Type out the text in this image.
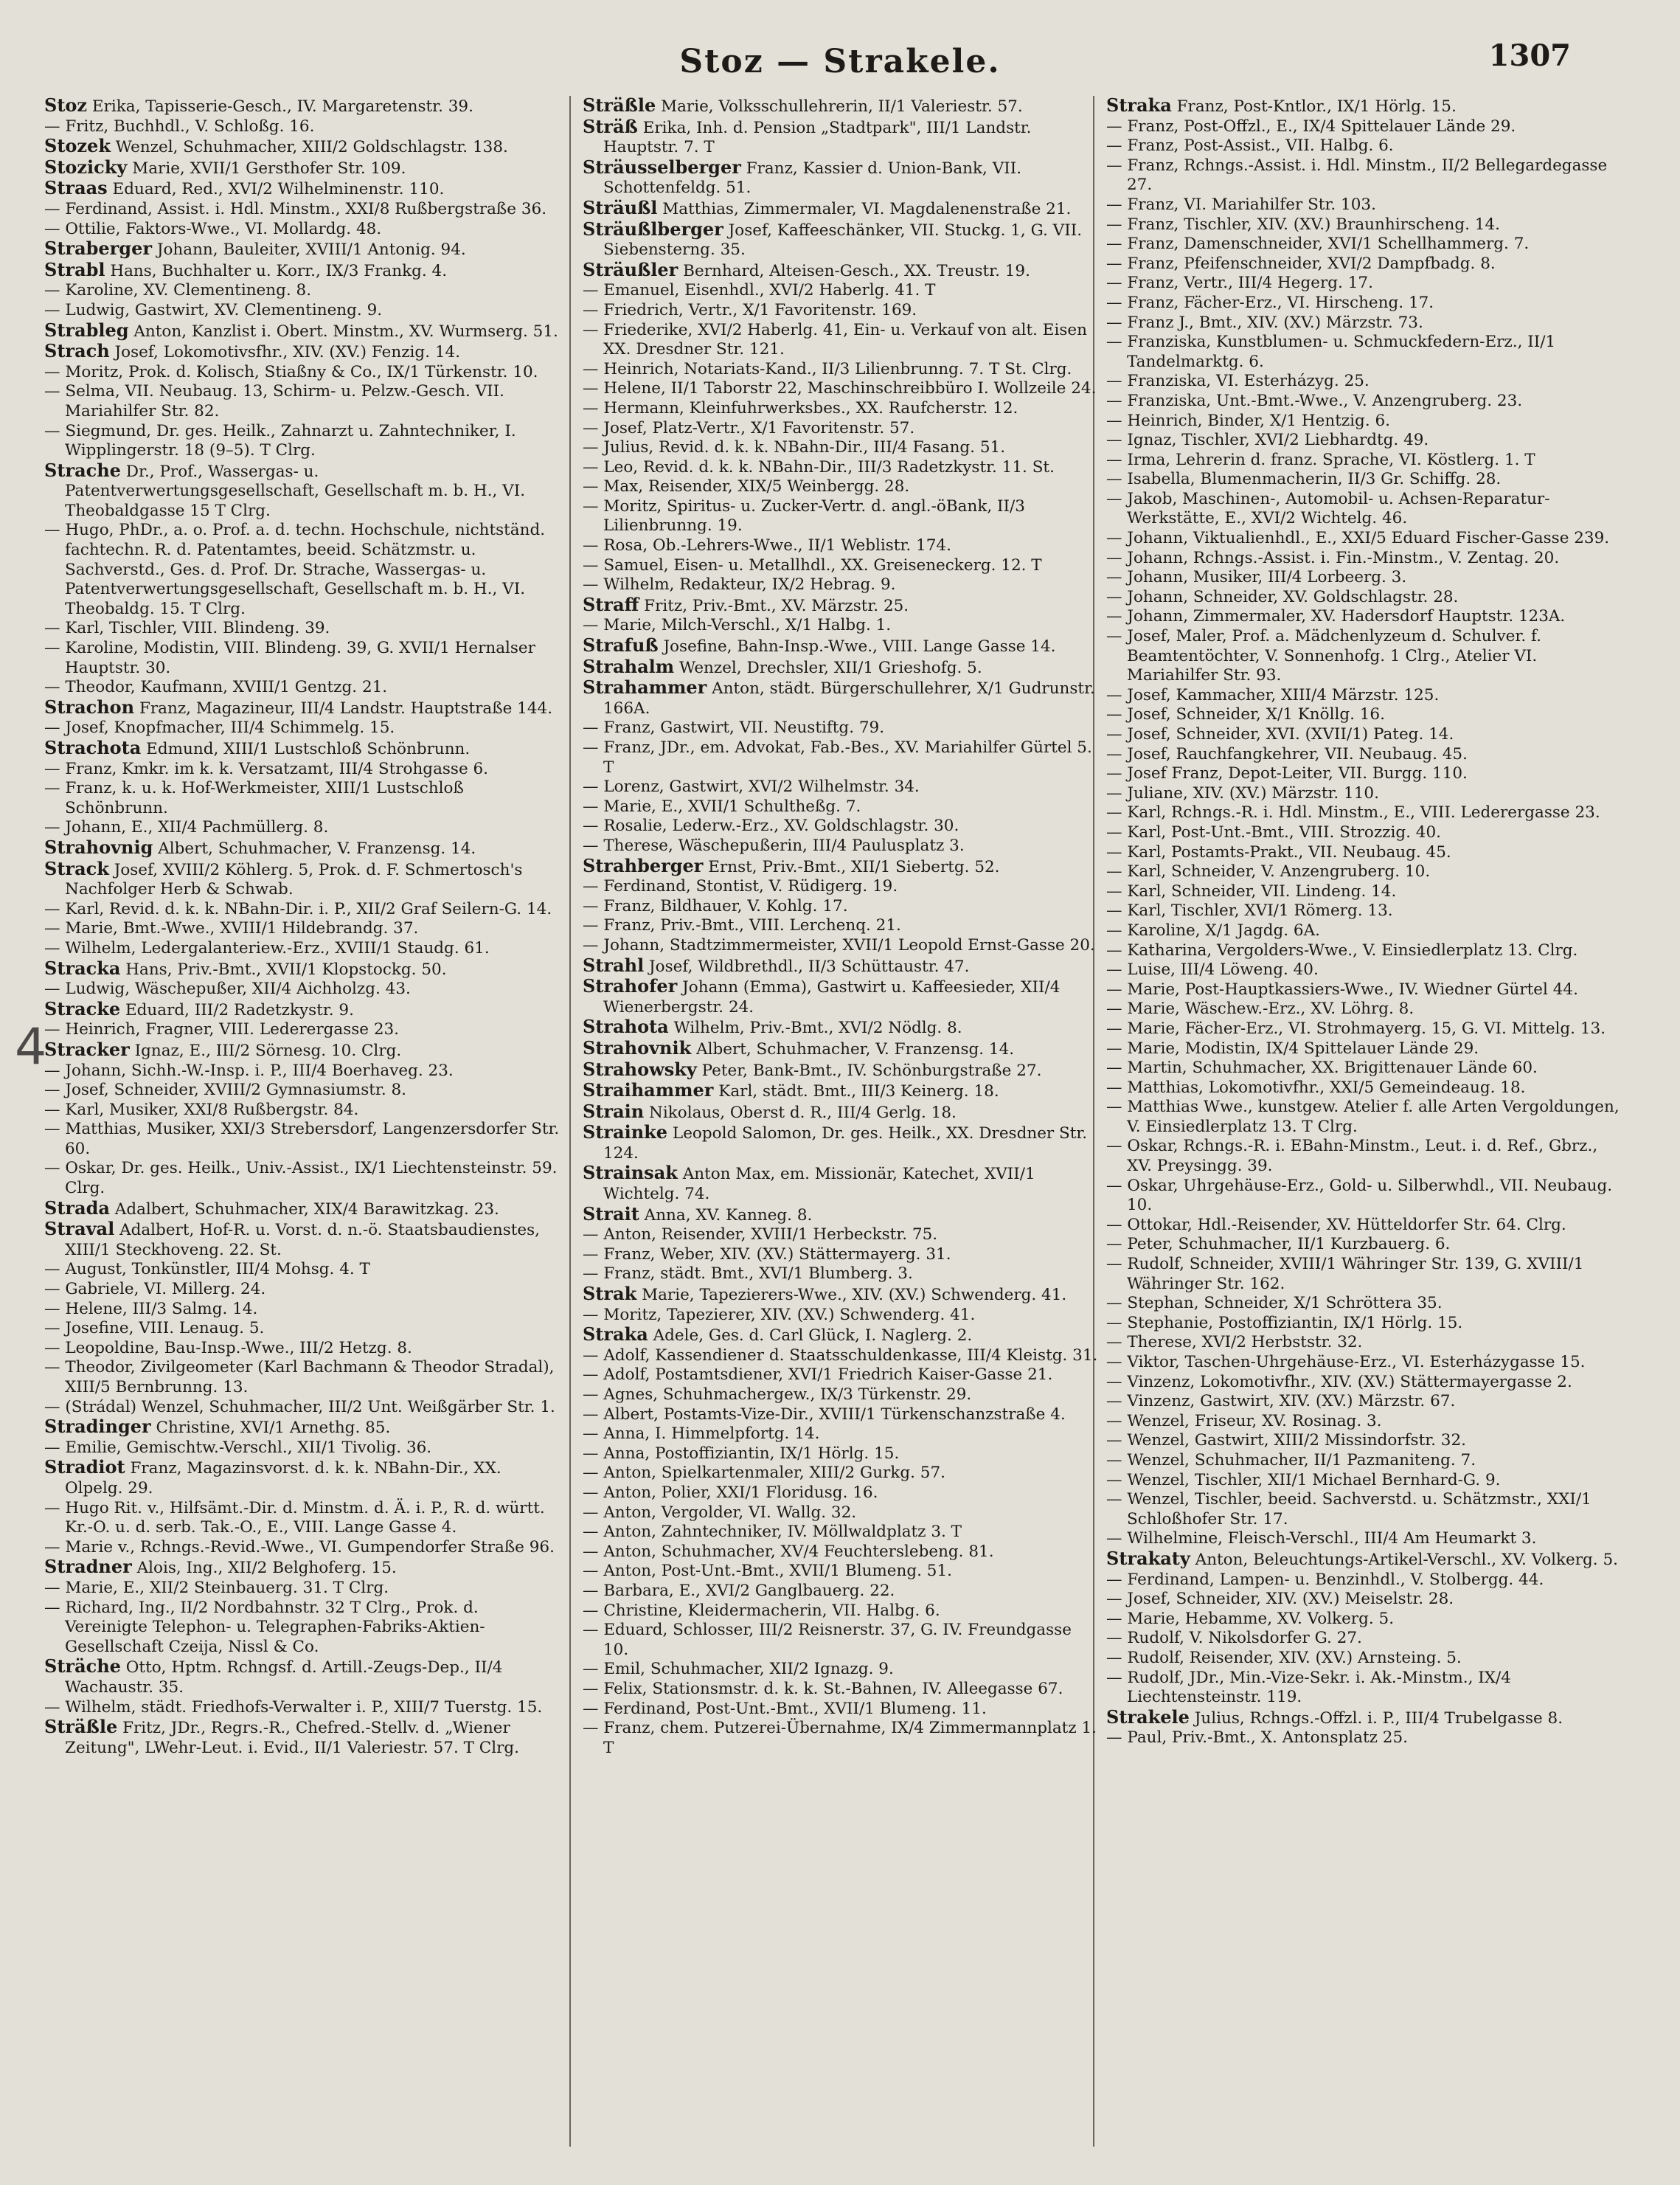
Stoz — Strakele.	1307
4

Stoz Erika, Tapisserie-Gesch., IV. Margaretenstr. 39.

— Fritz, Buchhdl., V. Schloßg. 16.

Stozek Wenzel, Schuhmacher, XIII/2 Goldschlagstr. 138.

Stozicky Marie, XVII/1 Gersthofer Str. 109.

Straas Eduard, Red., XVI/2 Wilhelminenstr. 110.

— Ferdinand, Assist. i. Hdl. Minstm., XXI/8 Rußbergstraße 36.

— Ottilie, Faktors-Wwe., VI. Mollardg. 48.

Straberger Johann, Bauleiter, XVIII/1 Antonig. 94.

Strabl Hans, Buchhalter u. Korr., IX/3 Frankg. 4.

— Karoline, XV. Clementineng. 8.

— Ludwig, Gastwirt, XV. Clementineng. 9.

Strableg Anton, Kanzlist i. Obert. Minstm., XV. Wurmserg. 51.

Strach Josef, Lokomotivsfhr., XIV. (XV.) Fenzig. 14.

— Moritz, Prok. d. Kolisch, Stiaßny & Co., IX/1 Türkenstr. 10.

— Selma, VII. Neubaug. 13, Schirm- u. Pelzw.-Gesch. VII. Mariahilfer Str. 82.

— Siegmund, Dr. ges. Heilk., Zahnarzt u. Zahntechniker, I. Wipplingerstr. 18 (9–5). T Clrg.

Strache Dr., Prof., Wassergas- u. Patentverwertungsgesellschaft, Gesellschaft m. b. H., VI. Theobaldgasse 15 T Clrg.

— Hugo, PhDr., a. o. Prof. a. d. techn. Hochschule, nichtständ. fachtechn. R. d. Patentamtes, beeid. Schätzmstr. u. Sachverstd., Ges. d. Prof. Dr. Strache, Wassergas- u. Patentverwertungsgesellschaft, Gesellschaft m. b. H., VI. Theobaldg. 15. T Clrg.

— Karl, Tischler, VIII. Blindeng. 39.

— Karoline, Modistin, VIII. Blindeng. 39, G. XVII/1 Hernalser Hauptstr. 30.

— Theodor, Kaufmann, XVIII/1 Gentzg. 21.

Strachon Franz, Magazineur, III/4 Landstr. Hauptstraße 144.

— Josef, Knopfmacher, III/4 Schimmelg. 15.

Strachota Edmund, XIII/1 Lustschloß Schönbrunn.

— Franz, Kmkr. im k. k. Versatzamt, III/4 Strohgasse 6.

— Franz, k. u. k. Hof-Werkmeister, XIII/1 Lustschloß Schönbrunn.

— Johann, E., XII/4 Pachmüllerg. 8.

Strahovnig Albert, Schuhmacher, V. Franzensg. 14.

Strack Josef, XVIII/2 Köhlerg. 5, Prok. d. F. Schmertosch's Nachfolger Herb & Schwab.

— Karl, Revid. d. k. k. NBahn-Dir. i. P., XII/2 Graf Seilern-G. 14.

— Marie, Bmt.-Wwe., XVIII/1 Hildebrandg. 37.

— Wilhelm, Ledergalanteriew.-Erz., XVIII/1 Staudg. 61.

Stracka Hans, Priv.-Bmt., XVII/1 Klopstockg. 50.

— Ludwig, Wäschepußer, XII/4 Aichholzg. 43.

Stracke Eduard, III/2 Radetzkystr. 9.

— Heinrich, Fragner, VIII. Lederergasse 23.

Stracker Ignaz, E., III/2 Sörnesg. 10. Clrg.

— Johann, Sichh.-W.-Insp. i. P., III/4 Boerhaveg. 23.

— Josef, Schneider, XVIII/2 Gymnasiumstr. 8.

— Karl, Musiker, XXI/8 Rußbergstr. 84.

— Matthias, Musiker, XXI/3 Strebersdorf, Langenzersdorfer Str. 60.

— Oskar, Dr. ges. Heilk., Univ.-Assist., IX/1 Liechtensteinstr. 59. Clrg.

Strada Adalbert, Schuhmacher, XIX/4 Barawitzkag. 23.

Straval Adalbert, Hof-R. u. Vorst. d. n.-ö. Staatsbaudienstes, XIII/1 Steckhoveng. 22. St.

— August, Tonkünstler, III/4 Mohsg. 4. T

— Gabriele, VI. Millerg. 24.

— Helene, III/3 Salmg. 14.

— Josefine, VIII. Lenaug. 5.

— Leopoldine, Bau-Insp.-Wwe., III/2 Hetzg. 8.

— Theodor, Zivilgeometer (Karl Bachmann & Theodor Stradal), XIII/5 Bernbrunng. 13.

— (Strádal) Wenzel, Schuhmacher, III/2 Unt. Weißgärber Str. 1.

Stradinger Christine, XVI/1 Arnethg. 85.

— Emilie, Gemischtw.-Verschl., XII/1 Tivolig. 36.

Stradiot Franz, Magazinsvorst. d. k. k. NBahn-Dir., XX. Olpelg. 29.

— Hugo Rit. v., Hilfsämt.-Dir. d. Minstm. d. Ä. i. P., R. d. württ. Kr.-O. u. d. serb. Tak.-O., E., VIII. Lange Gasse 4.

— Marie v., Rchngs.-Revid.-Wwe., VI. Gumpendorfer Straße 96.

Stradner Alois, Ing., XII/2 Belghoferg. 15.

— Marie, E., XII/2 Steinbauerg. 31. T Clrg.

— Richard, Ing., II/2 Nordbahnstr. 32 T Clrg., Prok. d. Vereinigte Telephon- u. Telegraphen-Fabriks-Aktien-Gesellschaft Czeija, Nissl & Co.

Sträche Otto, Hptm. Rchngsf. d. Artill.-Zeugs-Dep., II/4 Wachaustr. 35.

— Wilhelm, städt. Friedhofs-Verwalter i. P., XIII/7 Tuerstg. 15.

Sträßle Fritz, JDr., Regrs.-R., Chefred.-Stellv. d. „Wiener Zeitung", LWehr-Leut. i. Evid., II/1 Valeriestr. 57. T Clrg.

Sträßle Marie, Volksschullehrerin, II/1 Valeriestr. 57.

Sträß Erika, Inh. d. Pension „Stadtpark", III/1 Landstr. Hauptstr. 7. T

Sträusselberger Franz, Kassier d. Union-Bank, VII. Schottenfeldg. 51.

Sträußl Matthias, Zimmermaler, VI. Magdalenenstraße 21.

Sträußlberger Josef, Kaffeeschänker, VII. Stuckg. 1, G. VII. Siebensterng. 35.

Sträußler Bernhard, Alteisen-Gesch., XX. Treustr. 19.

— Emanuel, Eisenhdl., XVI/2 Haberlg. 41. T

— Friedrich, Vertr., X/1 Favoritenstr. 169.

— Friederike, XVI/2 Haberlg. 41, Ein- u. Verkauf von alt. Eisen XX. Dresdner Str. 121.

— Heinrich, Notariats-Kand., II/3 Lilienbrunng. 7. T St. Clrg.

— Helene, II/1 Taborstr 22, Maschinschreibbüro I. Wollzeile 24.

— Hermann, Kleinfuhrwerksbes., XX. Raufcherstr. 12.

— Josef, Platz-Vertr., X/1 Favoritenstr. 57.

— Julius, Revid. d. k. k. NBahn-Dir., III/4 Fasang. 51.

— Leo, Revid. d. k. k. NBahn-Dir., III/3 Radetzkystr. 11. St.

— Max, Reisender, XIX/5 Weinbergg. 28.

— Moritz, Spiritus- u. Zucker-Vertr. d. angl.-öBank, II/3 Lilienbrunng. 19.

— Rosa, Ob.-Lehrers-Wwe., II/1 Weblistr. 174.

— Samuel, Eisen- u. Metallhdl., XX. Greiseneckerg. 12. T

— Wilhelm, Redakteur, IX/2 Hebrag. 9.

Straff Fritz, Priv.-Bmt., XV. Märzstr. 25.

— Marie, Milch-Verschl., X/1 Halbg. 1.

Strafuß Josefine, Bahn-Insp.-Wwe., VIII. Lange Gasse 14.

Strahalm Wenzel, Drechsler, XII/1 Grieshofg. 5.

Strahammer Anton, städt. Bürgerschullehrer, X/1 Gudrunstr. 166A.

— Franz, Gastwirt, VII. Neustiftg. 79.

— Franz, JDr., em. Advokat, Fab.-Bes., XV. Mariahilfer Gürtel 5. T

— Lorenz, Gastwirt, XVI/2 Wilhelmstr. 34.

— Marie, E., XVII/1 Schultheßg. 7.

— Rosalie, Lederw.-Erz., XV. Goldschlagstr. 30.

— Therese, Wäschepußerin, III/4 Paulusplatz 3.

Strahberger Ernst, Priv.-Bmt., XII/1 Siebertg. 52.

— Ferdinand, Stontist, V. Rüdigerg. 19.

— Franz, Bildhauer, V. Kohlg. 17.

— Franz, Priv.-Bmt., VIII. Lerchenq. 21.

— Johann, Stadtzimmermeister, XVII/1 Leopold Ernst-Gasse 20.

Strahl Josef, Wildbrethdl., II/3 Schüttaustr. 47.

Strahofer Johann (Emma), Gastwirt u. Kaffeesieder, XII/4 Wienerbergstr. 24.

Strahota Wilhelm, Priv.-Bmt., XVI/2 Nödlg. 8.

Strahovnik Albert, Schuhmacher, V. Franzensg. 14.

Strahowsky Peter, Bank-Bmt., IV. Schönburgstraße 27.

Straihammer Karl, städt. Bmt., III/3 Keinerg. 18.

Strain Nikolaus, Oberst d. R., III/4 Gerlg. 18.

Strainke Leopold Salomon, Dr. ges. Heilk., XX. Dresdner Str. 124.

Strainsak Anton Max, em. Missionär, Katechet, XVII/1 Wichtelg. 74.

Strait Anna, XV. Kanneg. 8.

— Anton, Reisender, XVIII/1 Herbeckstr. 75.

— Franz, Weber, XIV. (XV.) Stättermayerg. 31.

— Franz, städt. Bmt., XVI/1 Blumberg. 3.

Strak Marie, Tapezierers-Wwe., XIV. (XV.) Schwenderg. 41.

— Moritz, Tapezierer, XIV. (XV.) Schwenderg. 41.

Straka Adele, Ges. d. Carl Glück, I. Naglerg. 2.

— Adolf, Kassendiener d. Staatsschuldenkasse, III/4 Kleistg. 31.

— Adolf, Postamtsdiener, XVI/1 Friedrich Kaiser-Gasse 21.

— Agnes, Schuhmachergew., IX/3 Türkenstr. 29.

— Albert, Postamts-Vize-Dir., XVIII/1 Türkenschanzstraße 4.

— Anna, I. Himmelpfortg. 14.

— Anna, Postoffiziantin, IX/1 Hörlg. 15.

— Anton, Spielkartenmaler, XIII/2 Gurkg. 57.

— Anton, Polier, XXI/1 Floridusg. 16.

— Anton, Vergolder, VI. Wallg. 32.

— Anton, Zahntechniker, IV. Möllwaldplatz 3. T

— Anton, Schuhmacher, XV/4 Feuchterslebeng. 81.

— Anton, Post-Unt.-Bmt., XVII/1 Blumeng. 51.

— Barbara, E., XVI/2 Ganglbauerg. 22.

— Christine, Kleidermacherin, VII. Halbg. 6.

— Eduard, Schlosser, III/2 Reisnerstr. 37, G. IV. Freundgasse 10.

— Emil, Schuhmacher, XII/2 Ignazg. 9.

— Felix, Stationsmstr. d. k. k. St.-Bahnen, IV. Alleegasse 67.

— Ferdinand, Post-Unt.-Bmt., XVII/1 Blumeng. 11.

— Franz, chem. Putzerei-Übernahme, IX/4 Zimmermannplatz 1. T

Straka Franz, Post-Kntlor., IX/1 Hörlg. 15.

— Franz, Post-Offzl., E., IX/4 Spittelauer Lände 29.

— Franz, Post-Assist., VII. Halbg. 6.

— Franz, Rchngs.-Assist. i. Hdl. Minstm., II/2 Bellegardegasse 27.

— Franz, VI. Mariahilfer Str. 103.

— Franz, Tischler, XIV. (XV.) Braunhirscheng. 14.

— Franz, Damenschneider, XVI/1 Schellhammerg. 7.

— Franz, Pfeifenschneider, XVI/2 Dampfbadg. 8.

— Franz, Vertr., III/4 Hegerg. 17.

— Franz, Fächer-Erz., VI. Hirscheng. 17.

— Franz J., Bmt., XIV. (XV.) Märzstr. 73.

— Franziska, Kunstblumen- u. Schmuckfedern-Erz., II/1 Tandelmarktg. 6.

— Franziska, VI. Esterházyg. 25.

— Franziska, Unt.-Bmt.-Wwe., V. Anzengruberg. 23.

— Heinrich, Binder, X/1 Hentzig. 6.

— Ignaz, Tischler, XVI/2 Liebhardtg. 49.

— Irma, Lehrerin d. franz. Sprache, VI. Köstlerg. 1. T

— Isabella, Blumenmacherin, II/3 Gr. Schiffg. 28.

— Jakob, Maschinen-, Automobil- u. Achsen-Reparatur-Werkstätte, E., XVI/2 Wichtelg. 46.

— Johann, Viktualienhdl., E., XXI/5 Eduard Fischer-Gasse 239.

— Johann, Rchngs.-Assist. i. Fin.-Minstm., V. Zentag. 20.

— Johann, Musiker, III/4 Lorbeerg. 3.

— Johann, Schneider, XV. Goldschlagstr. 28.

— Johann, Zimmermaler, XV. Hadersdorf Hauptstr. 123A.

— Josef, Maler, Prof. a. Mädchenlyzeum d. Schulver. f. Beamtentöchter, V. Sonnenhofg. 1 Clrg., Atelier VI. Mariahilfer Str. 93.

— Josef, Kammacher, XIII/4 Märzstr. 125.

— Josef, Schneider, X/1 Knöllg. 16.

— Josef, Schneider, XVI. (XVII/1) Pateg. 14.

— Josef, Rauchfangkehrer, VII. Neubaug. 45.

— Josef Franz, Depot-Leiter, VII. Burgg. 110.

— Juliane, XIV. (XV.) Märzstr. 110.

— Karl, Rchngs.-R. i. Hdl. Minstm., E., VIII. Lederergasse 23.

— Karl, Post-Unt.-Bmt., VIII. Strozzig. 40.

— Karl, Postamts-Prakt., VII. Neubaug. 45.

— Karl, Schneider, V. Anzengruberg. 10.

— Karl, Schneider, VII. Lindeng. 14.

— Karl, Tischler, XVI/1 Römerg. 13.

— Karoline, X/1 Jagdg. 6A.

— Katharina, Vergolders-Wwe., V. Einsiedlerplatz 13. Clrg.

— Luise, III/4 Löweng. 40.

— Marie, Post-Hauptkassiers-Wwe., IV. Wiedner Gürtel 44.

— Marie, Wäschew.-Erz., XV. Löhrg. 8.

— Marie, Fächer-Erz., VI. Strohmayerg. 15, G. VI. Mittelg. 13.

— Marie, Modistin, IX/4 Spittelauer Lände 29.

— Martin, Schuhmacher, XX. Brigittenauer Lände 60.

— Matthias, Lokomotivfhr., XXI/5 Gemeindeaug. 18.

— Matthias Wwe., kunstgew. Atelier f. alle Arten Vergoldungen, V. Einsiedlerplatz 13. T Clrg.

— Oskar, Rchngs.-R. i. EBahn-Minstm., Leut. i. d. Ref., Gbrz., XV. Preysingg. 39.

— Oskar, Uhrgehäuse-Erz., Gold- u. Silberwhdl., VII. Neubaug. 10.

— Ottokar, Hdl.-Reisender, XV. Hütteldorfer Str. 64. Clrg.

— Peter, Schuhmacher, II/1 Kurzbauerg. 6.

— Rudolf, Schneider, XVIII/1 Währinger Str. 139, G. XVIII/1 Währinger Str. 162.

— Stephan, Schneider, X/1 Schröttera 35.

— Stephanie, Postoffiziantin, IX/1 Hörlg. 15.

— Therese, XVI/2 Herbststr. 32.

— Viktor, Taschen-Uhrgehäuse-Erz., VI. Esterházygasse 15.

— Vinzenz, Lokomotivfhr., XIV. (XV.) Stättermayergasse 2.

— Vinzenz, Gastwirt, XIV. (XV.) Märzstr. 67.

— Wenzel, Friseur, XV. Rosinag. 3.

— Wenzel, Gastwirt, XIII/2 Missindorfstr. 32.

— Wenzel, Schuhmacher, II/1 Pazmaniteng. 7.

— Wenzel, Tischler, XII/1 Michael Bernhard-G. 9.

— Wenzel, Tischler, beeid. Sachverstd. u. Schätzmstr., XXI/1 Schloßhofer Str. 17.

— Wilhelmine, Fleisch-Verschl., III/4 Am Heumarkt 3.

Strakaty Anton, Beleuchtungs-Artikel-Verschl., XV. Volkerg. 5.

— Ferdinand, Lampen- u. Benzinhdl., V. Stolbergg. 44.

— Josef, Schneider, XIV. (XV.) Meiselstr. 28.

— Marie, Hebamme, XV. Volkerg. 5.

— Rudolf, V. Nikolsdorfer G. 27.

— Rudolf, Reisender, XIV. (XV.) Arnsteing. 5.

— Rudolf, JDr., Min.-Vize-Sekr. i. Ak.-Minstm., IX/4 Liechtensteinstr. 119.

Strakele Julius, Rchngs.-Offzl. i. P., III/4 Trubelgasse 8.

— Paul, Priv.-Bmt., X. Antonsplatz 25.
